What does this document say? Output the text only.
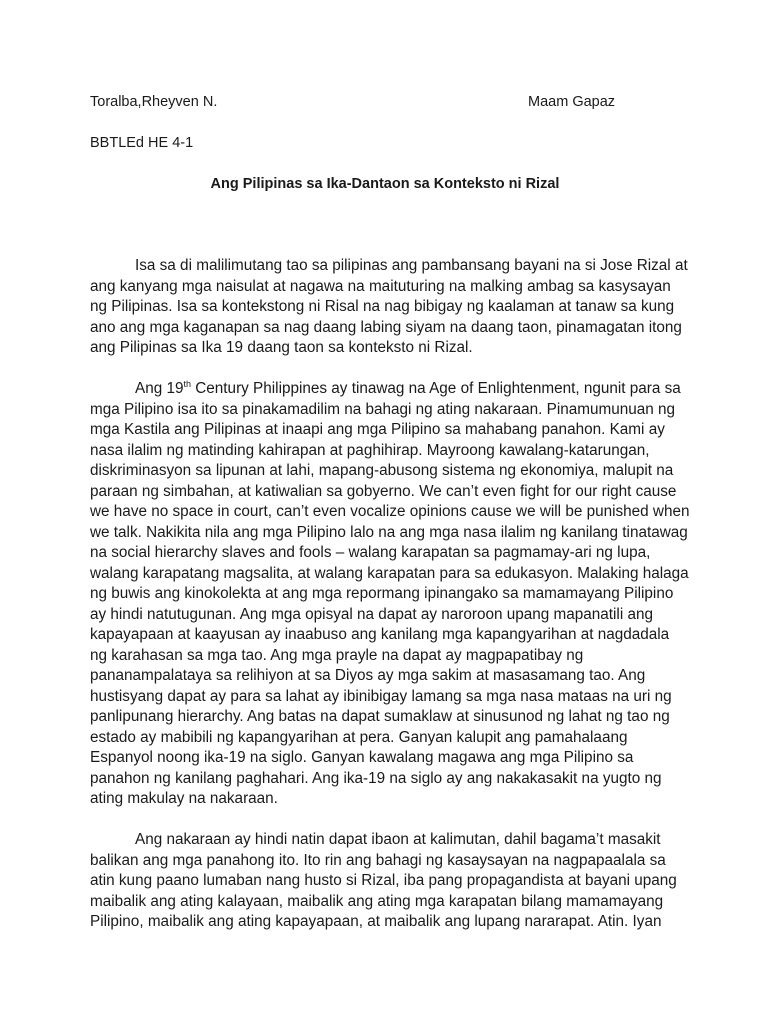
Toralba,Rheyven N.	Maam Gapaz
BBTLEd HE 4-1
Ang Pilipinas sa Ika-Dantaon sa Konteksto ni Rizal

Isa sa di malilimutang tao sa pilipinas ang pambansang bayani na si Jose Rizal at ang kanyang mga naisulat at nagawa na maituturing na malking ambag sa kasysayan ng Pilipinas. Isa sa kontekstong ni Risal na nag bibigay ng kaalaman at tanaw sa kung ano ang mga kaganapan sa nag daang labing siyam na daang taon, pinamagatan itong ang Pilipinas sa Ika 19 daang taon sa konteksto ni Rizal.

Ang 19th Century Philippines ay tinawag na Age of Enlightenment, ngunit para sa mga Pilipino isa ito sa pinakamadilim na bahagi ng ating nakaraan. Pinamumunuan ng mga Kastila ang Pilipinas at inaapi ang mga Pilipino sa mahabang panahon. Kami ay nasa ilalim ng matinding kahirapan at paghihirap. Mayroong kawalang-katarungan, diskriminasyon sa lipunan at lahi, mapang-abusong sistema ng ekonomiya, malupit na paraan ng simbahan, at katiwalian sa gobyerno. We can’t even fight for our right cause we have no space in court, can’t even vocalize opinions cause we will be punished when we talk. Nakikita nila ang mga Pilipino lalo na ang mga nasa ilalim ng kanilang tinatawag na social hierarchy slaves and fools – walang karapatan sa pagmamay-ari ng lupa, walang karapatang magsalita, at walang karapatan para sa edukasyon. Malaking halaga ng buwis ang kinokolekta at ang mga repormang ipinangako sa mamamayang Pilipino ay hindi natutugunan. Ang mga opisyal na dapat ay naroroon upang mapanatili ang kapayapaan at kaayusan ay inaabuso ang kanilang mga kapangyarihan at nagdadala ng karahasan sa mga tao. Ang mga prayle na dapat ay magpapatibay ng pananampalataya sa relihiyon at sa Diyos ay mga sakim at masasamang tao. Ang hustisyang dapat ay para sa lahat ay ibinibigay lamang sa mga nasa mataas na uri ng panlipunang hierarchy. Ang batas na dapat sumaklaw at sinusunod ng lahat ng tao ng estado ay mabibili ng kapangyarihan at pera. Ganyan kalupit ang pamahalaang Espanyol noong ika-19 na siglo. Ganyan kawalang magawa ang mga Pilipino sa panahon ng kanilang paghahari. Ang ika-19 na siglo ay ang nakakasakit na yugto ng ating makulay na nakaraan.

Ang nakaraan ay hindi natin dapat ibaon at kalimutan, dahil bagama’t masakit balikan ang mga panahong ito. Ito rin ang bahagi ng kasaysayan na nagpapaalala sa atin kung paano lumaban nang husto si Rizal, iba pang propagandista at bayani upang maibalik ang ating kalayaan, maibalik ang ating mga karapatan bilang mamamayang Pilipino, maibalik ang ating kapayapaan, at maibalik ang lupang nararapat. Atin. Iyan
